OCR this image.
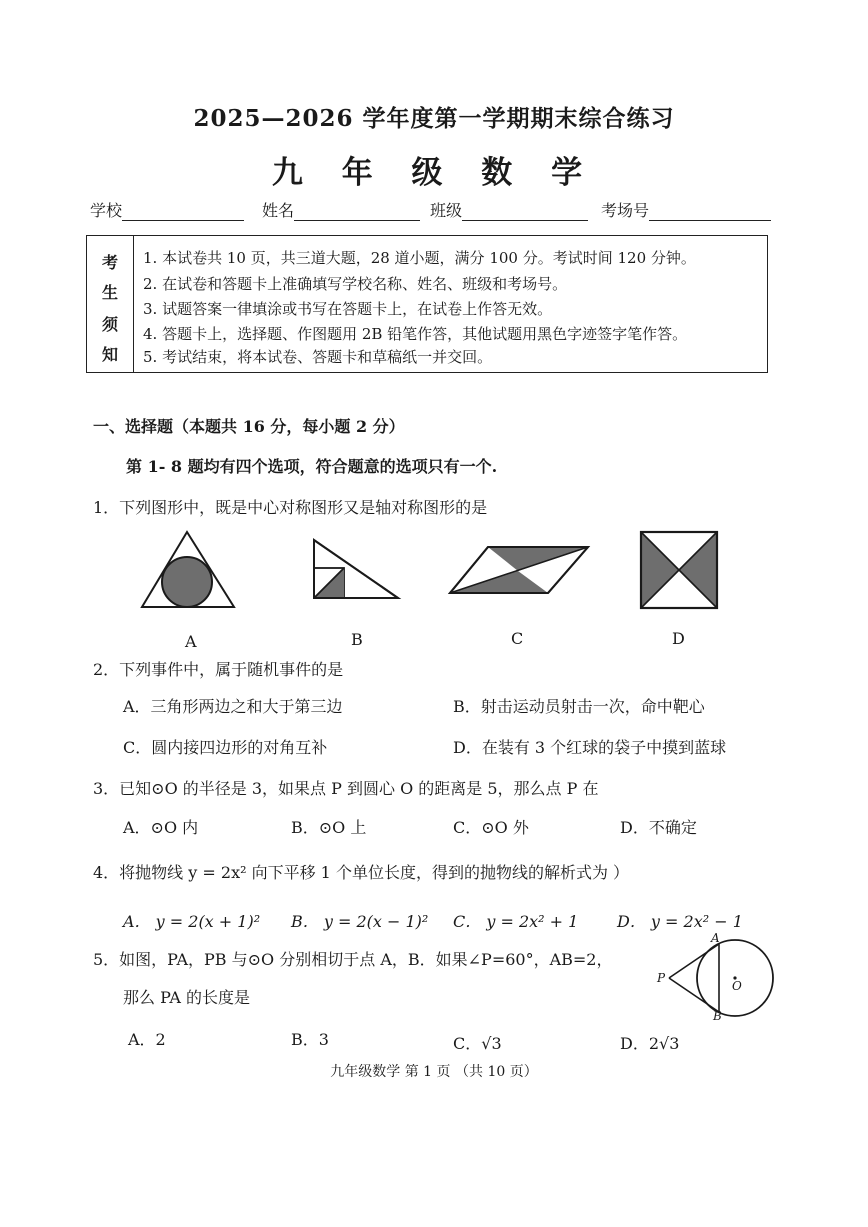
2025—2026 学年度第一学期期末综合练习
九 年 级 数 学
学校	姓名	班级	考场号
考
生
须
知
1. 本试卷共 10 页，共三道大题，28 道小题，满分 100 分。考试时间 120 分钟。
2. 在试卷和答题卡上准确填写学校名称、姓名、班级和考场号。
3. 试题答案一律填涂或书写在答题卡上，在试卷上作答无效。
4. 答题卡上，选择题、作图题用 2B 铅笔作答，其他试题用黑色字迹签字笔作答。
5. 考试结束，将本试卷、答题卡和草稿纸一并交回。
一、选择题（本题共 16 分，每小题 2 分）
第 1- 8 题均有四个选项，符合题意的选项只有一个.
1．下列图形中，既是中心对称图形又是轴对称图形的是
A	B	C	D
2．下列事件中，属于随机事件的是
A．三角形两边之和大于第三边	B．射击运动员射击一次，命中靶心
C．圆内接四边形的对角互补	D．在装有 3 个红球的袋子中摸到蓝球
3．已知⊙O 的半径是 3，如果点 P 到圆心 O 的距离是 5，那么点 P 在
A．⊙O 内	B．⊙O 上	C．⊙O 外	D．不确定
4．将抛物线 y = 2x² 向下平移 1 个单位长度，得到的抛物线的解析式为 ）
A． y = 2(x + 1)² B． y = 2(x − 1)² C． y = 2x² + 1 D． y = 2x² − 1
5．如图，PA，PB 与⊙O 分别相切于点 A，B．如果∠P=60°，AB=2，
那么 PA 的长度是
A．2	B．3	C．√3	D．2√3
A
B
P
O
九年级数学 第 1 页 （共 10 页）
